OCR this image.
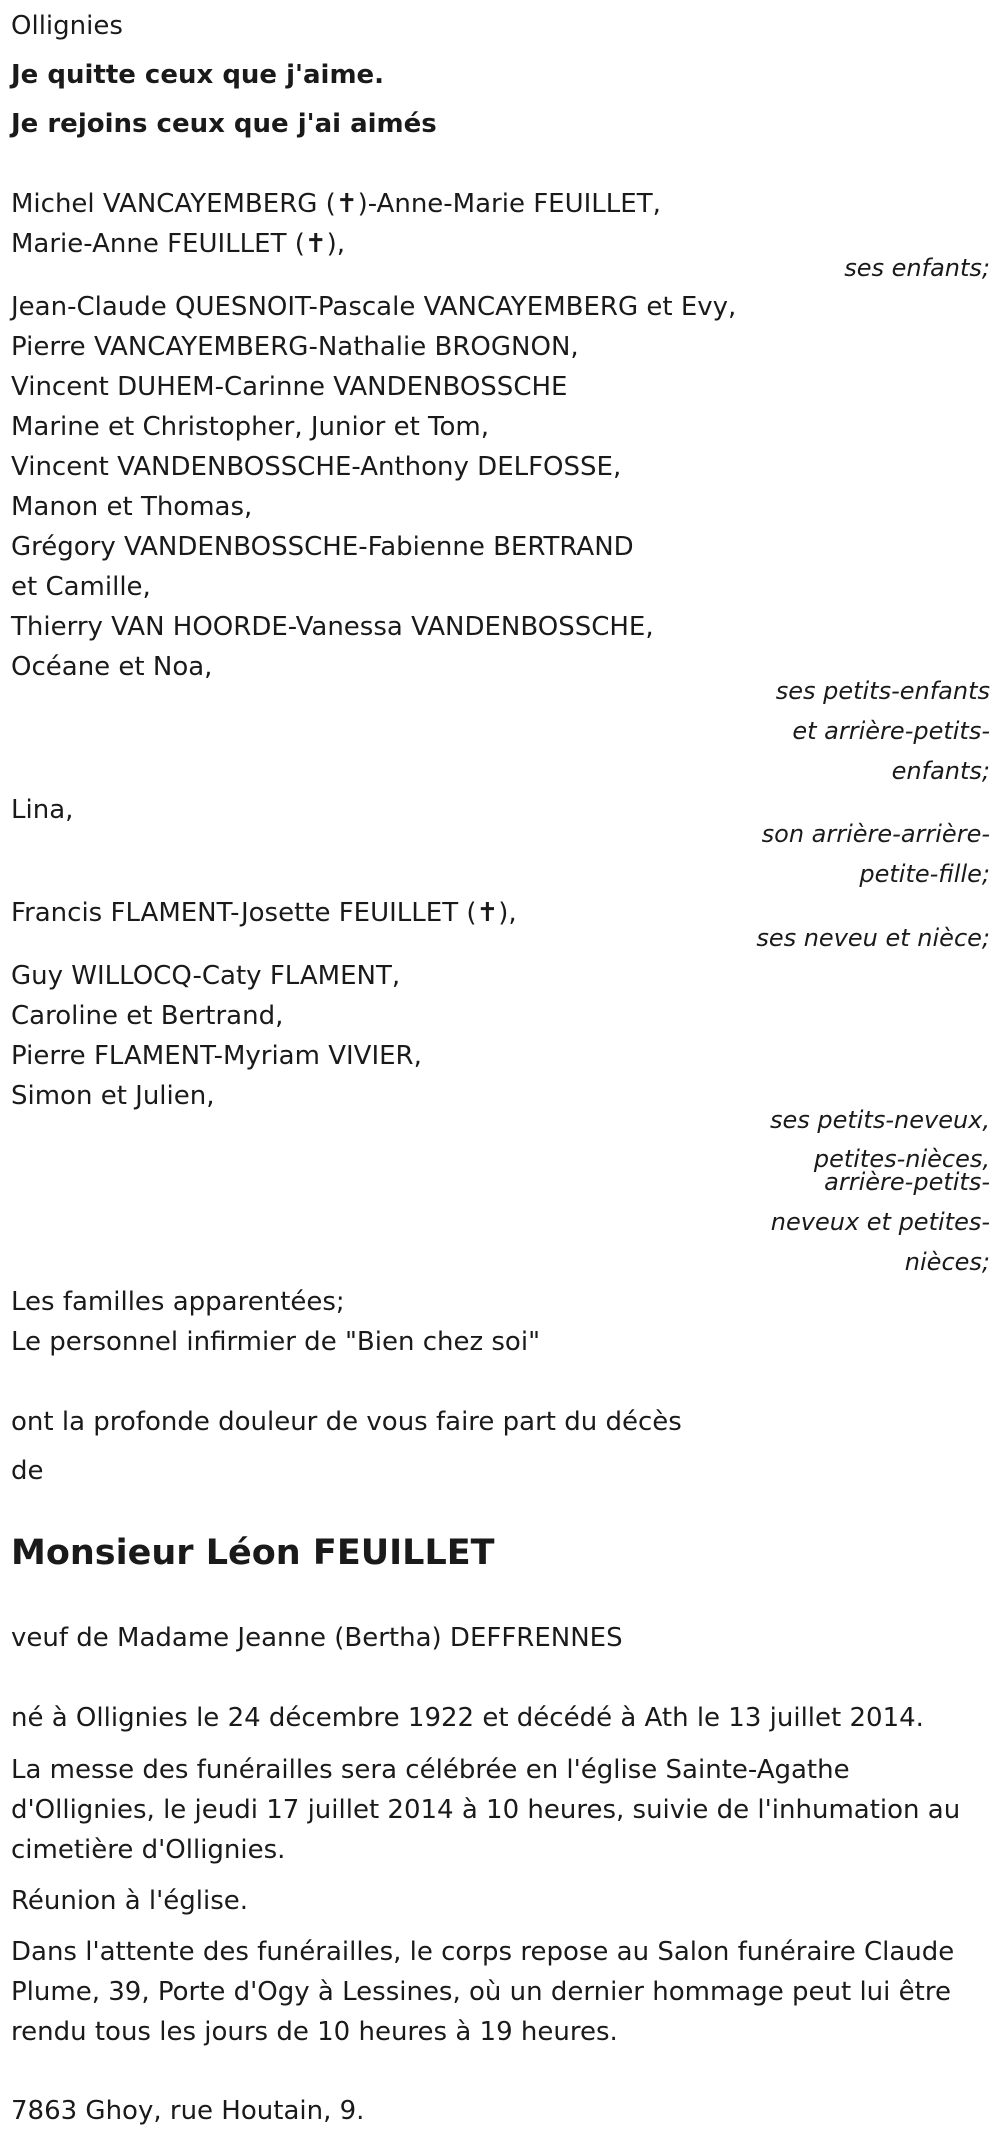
Ollignies
Je quitte ceux que j'aime.
Je rejoins ceux que j'ai aimés
Michel VANCAYEMBERG (✝)-Anne-Marie FEUILLET,
Marie-Anne FEUILLET (✝),
ses enfants;
Jean-Claude QUESNOIT-Pascale VANCAYEMBERG et Evy,
Pierre VANCAYEMBERG-Nathalie BROGNON,
Vincent DUHEM-Carinne VANDENBOSSCHE
Marine et Christopher, Junior et Tom,
Vincent VANDENBOSSCHE-Anthony DELFOSSE,
Manon et Thomas,
Grégory VANDENBOSSCHE-Fabienne BERTRAND
et Camille,
Thierry VAN HOORDE-Vanessa VANDENBOSSCHE,
Océane et Noa,
ses petits-enfants
et arrière-petits-
enfants;
Lina,
son arrière-arrière-
petite-fille;
Francis FLAMENT-Josette FEUILLET (✝),
ses neveu et nièce;
Guy WILLOCQ-Caty FLAMENT,
Caroline et Bertrand,
Pierre FLAMENT-Myriam VIVIER,
Simon et Julien,
ses petits-neveux,
petites-nièces,
arrière-petits-
neveux et petites-
nièces;
Les familles apparentées;
Le personnel infirmier de "Bien chez soi"
ont la profonde douleur de vous faire part du décès
de
Monsieur Léon FEUILLET
veuf de Madame Jeanne (Bertha) DEFFRENNES
né à Ollignies le 24 décembre 1922 et décédé à Ath le 13 juillet 2014.
La messe des funérailles sera célébrée en l'église Sainte-Agathe
d'Ollignies, le jeudi 17 juillet 2014 à 10 heures, suivie de l'inhumation au
cimetière d'Ollignies.
Réunion à l'église.
Dans l'attente des funérailles, le corps repose au Salon funéraire Claude
Plume, 39, Porte d'Ogy à Lessines, où un dernier hommage peut lui être
rendu tous les jours de 10 heures à 19 heures.
7863 Ghoy, rue Houtain, 9.
